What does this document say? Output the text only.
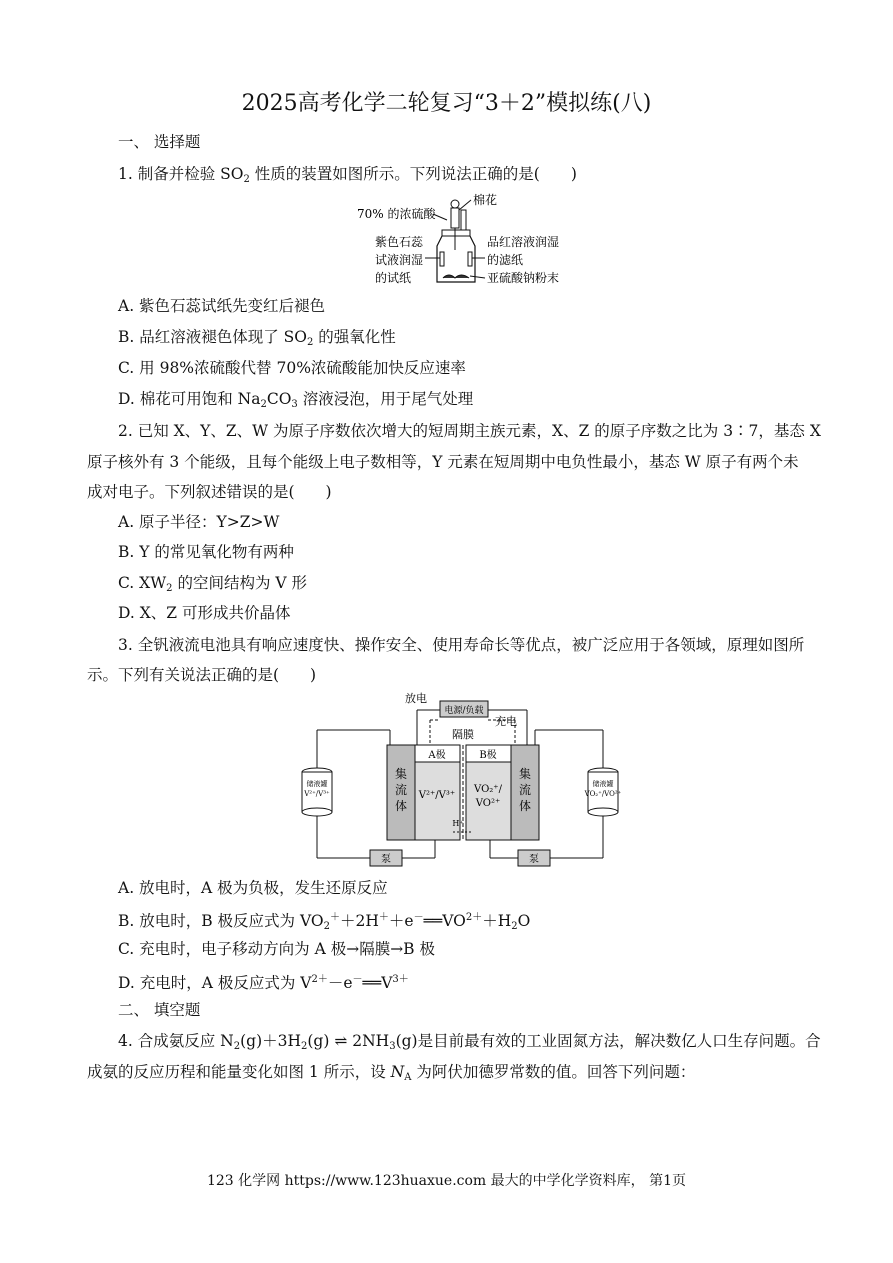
2025高考化学二轮复习“3＋2”模拟练(八)
一、 选择题
1. 制备并检验 $SO_2$ 性质的装置如图所示。下列说法正确的是(　　)
70% 的浓硫酸
棉花
紫色石蕊
试液润湿
的试纸
品红溶液润湿
的滤纸
亚硫酸钠粉末
A. 紫色石蕊试纸先变红后褪色
B. 品红溶液褪色体现了 $SO_2$ 的强氧化性
C. 用 98%浓硫酸代替 70%浓硫酸能加快反应速率
D. 棉花可用饱和 $Na_2CO_3$ 溶液浸泡，用于尾气处理
2. 已知 X、Y、Z、W 为原子序数依次增大的短周期主族元素，X、Z 的原子序数之比为 3∶7，基态 X
原子核外有 3 个能级，且每个能级上电子数相等，Y 元素在短周期中电负性最小，基态 W 原子有两个未
成对电子。下列叙述错误的是(　　)
A. 原子半径：Y>Z>W
B. Y 的常见氧化物有两种
C. $XW_2$ 的空间结构为 V 形
D. X、Z 可形成共价晶体
3. 全钒液流电池具有响应速度快、操作安全、使用寿命长等优点，被广泛应用于各领域，原理如图所
示。下列有关说法正确的是(　　)
电源/负载
放电
充电
隔膜
A极	B极
集
流
体
集
流
体
V²⁺/V³⁺
VO₂⁺/
VO²⁺
H⁺
储液罐
V²⁺/V³⁺
储液罐
VO₂⁺/VO²⁺
泵	泵
A. 放电时，A 极为负极，发生还原反应
B. 放电时，B 极反应式为 $VO_2^++2H^++e^-══VO^{2+}+H_2O$
C. 充电时，电子移动方向为 A 极→隔膜→B 极
D. 充电时，A 极反应式为 $V^{2+}-e^-══V^{3+}$
二、 填空题
4. 合成氨反应 $N_2(g)+3H_2(g)$ ⇌ $2NH_3(g)$是目前最有效的工业固氮方法，解决数亿人口生存问题。合
成氨的反应历程和能量变化如图 1 所示，设 $N_A$ 为阿伏加德罗常数的值。回答下列问题：
123 化学网 https://www.123huaxue.com 最大的中学化学资料库， 第1页
